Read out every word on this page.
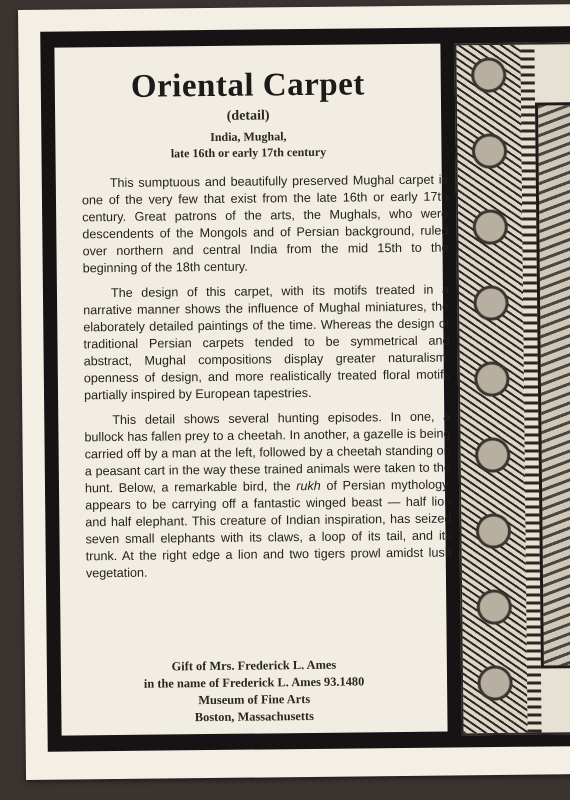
Oriental Carpet
(detail)
India, Mughal,
late 16th or early 17th century

This sumptuous and beautifully preserved Mughal carpet is one of the very few that exist from the late 16th or early 17th century. Great patrons of the arts, the Mughals, who were descendents of the Mongols and of Persian background, ruled over northern and central India from the mid 15th to the beginning of the 18th century.

The design of this carpet, with its motifs treated in a narrative manner shows the influence of Mughal miniatures, the elaborately detailed paintings of the time. Whereas the design of traditional Persian carpets tended to be symmetrical and abstract, Mughal compositions display greater naturalism, openness of design, and more realistically treated floral motifs partially inspired by European tapestries.

This detail shows several hunting episodes. In one, a bullock has fallen prey to a cheetah. In another, a gazelle is being carried off by a man at the left, followed by a cheetah standing on a peasant cart in the way these trained animals were taken to the hunt. Below, a remarkable bird, the rukh of Persian mythology, appears to be carrying off a fantastic winged beast — half lion and half elephant. This creature of Indian inspiration, has seized seven small elephants with its claws, a loop of its tail, and its trunk. At the right edge a lion and two tigers prowl amidst lush vegetation.

Gift of Mrs. Frederick L. Ames
in the name of Frederick L. Ames 93.1480
Museum of Fine Arts
Boston, Massachusetts
